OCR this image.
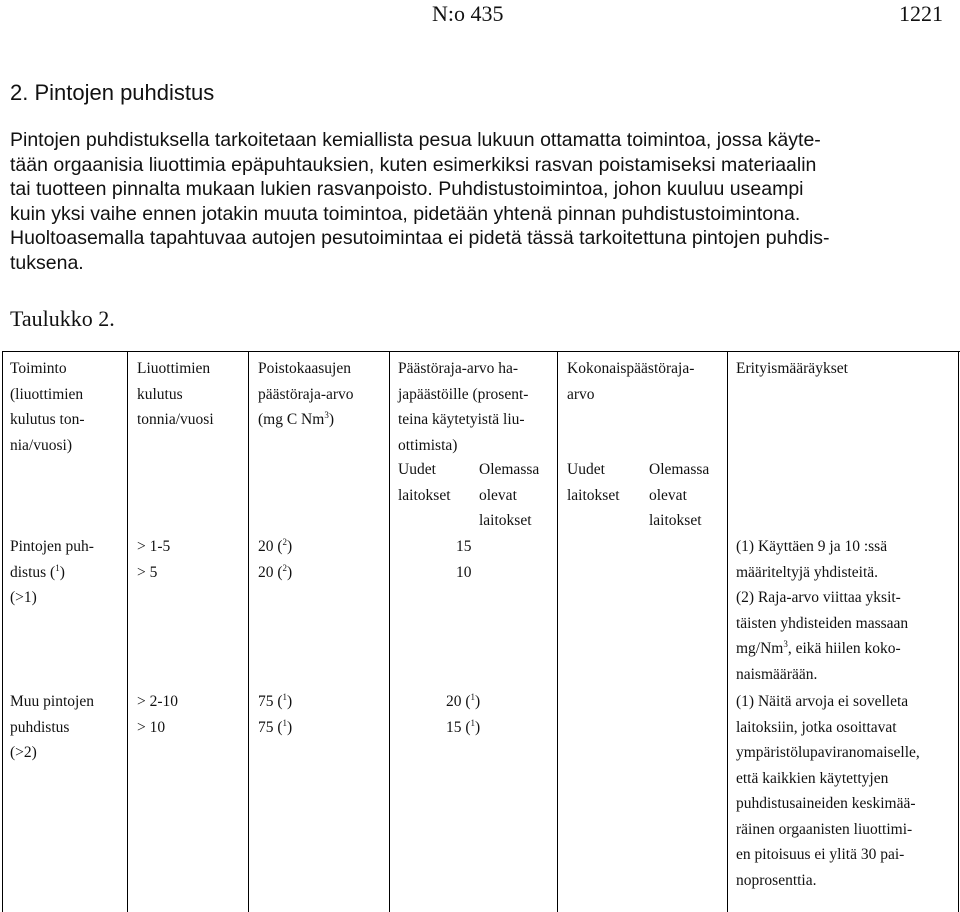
N:o 435	1221
2. Pintojen puhdistus
Pintojen puhdistuksella tarkoitetaan kemiallista pesua lukuun ottamatta toimintoa, jossa käyte-
tään orgaanisia liuottimia epäpuhtauksien, kuten esimerkiksi rasvan poistamiseksi materiaalin
tai tuotteen pinnalta mukaan lukien rasvanpoisto. Puhdistustoimintoa, johon kuuluu useampi
kuin yksi vaihe ennen jotakin muuta toimintoa, pidetään yhtenä pinnan puhdistustoimintona.
Huoltoasemalla tapahtuvaa autojen pesutoimintaa ei pidetä tässä tarkoitettuna pintojen puhdis-
tuksena.
Taulukko 2.
Toiminto
(liuottimien
kulutus ton-
nia/vuosi)
Liuottimien
kulutus
tonnia/vuosi
Poistokaasujen
päästöraja-arvo
(mg C Nm$^3$)
Päästöraja-arvo ha-
japäästöille (prosent-
teina käytetyistä liu-
ottimista)
Kokonaispäästöraja-
arvo
Erityismääräykset
Uudet
laitokset
Olemassa
olevat
laitokset
Uudet
laitokset
Olemassa
olevat
laitokset
Pintojen puh-
distus ($^1$)
(>1)
> 1-5
> 5
20 ($^2$)
20 ($^2$)
15
10
(1) Käyttäen 9 ja 10 :ssä
määriteltyjä yhdisteitä.
(2) Raja-arvo viittaa yksit-
täisten yhdisteiden massaan
mg/Nm$^3$, eikä hiilen koko-
naismäärään.
Muu pintojen
puhdistus
(>2)
> 2-10
> 10
75 ($^1$)
75 ($^1$)
20 ($^1$)
15 ($^1$)
(1) Näitä arvoja ei sovelleta
laitoksiin, jotka osoittavat
ympäristölupaviranomaiselle,
että kaikkien käytettyjen
puhdistusaineiden keskimää-
räinen orgaanisten liuottimi-
en pitoisuus ei ylitä 30 pai-
noprosenttia.
